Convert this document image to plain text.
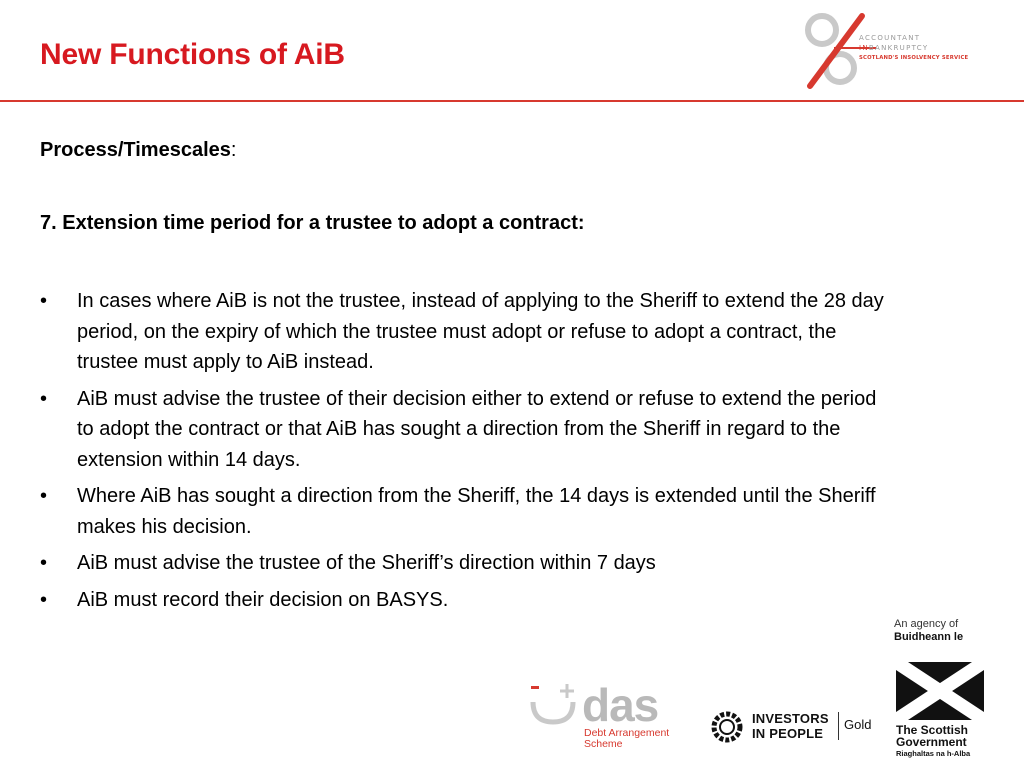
New Functions of AiB	ACCOUNTANT
INBANKRUPTCY
SCOTLAND'S INSOLVENCY SERVICE

Process/Timescales:

7. Extension time period for a trustee to adopt a contract:

• In cases where AiB is not the trustee, instead of applying to the Sheriff to extend the 28 day period, on the expiry of which the trustee must adopt or refuse to adopt a contract, the trustee must apply to AiB instead.
• AiB must advise the trustee of their decision either to extend or refuse to extend the period to adopt the contract or that AiB has sought a direction from the Sheriff in regard to the extension within 14 days.
• Where AiB has sought a direction from the Sheriff, the 14 days is extended until the Sheriff makes his decision.
• AiB must advise the trustee of the Sheriff’s direction within 7 days
• AiB must record their decision on BASYS.
das
Debt Arrangement
Scheme
INVESTORS
IN PEOPLE
Gold
An agency of
Buidheann le
The Scottish
Government
Riaghaltas na h-Alba
